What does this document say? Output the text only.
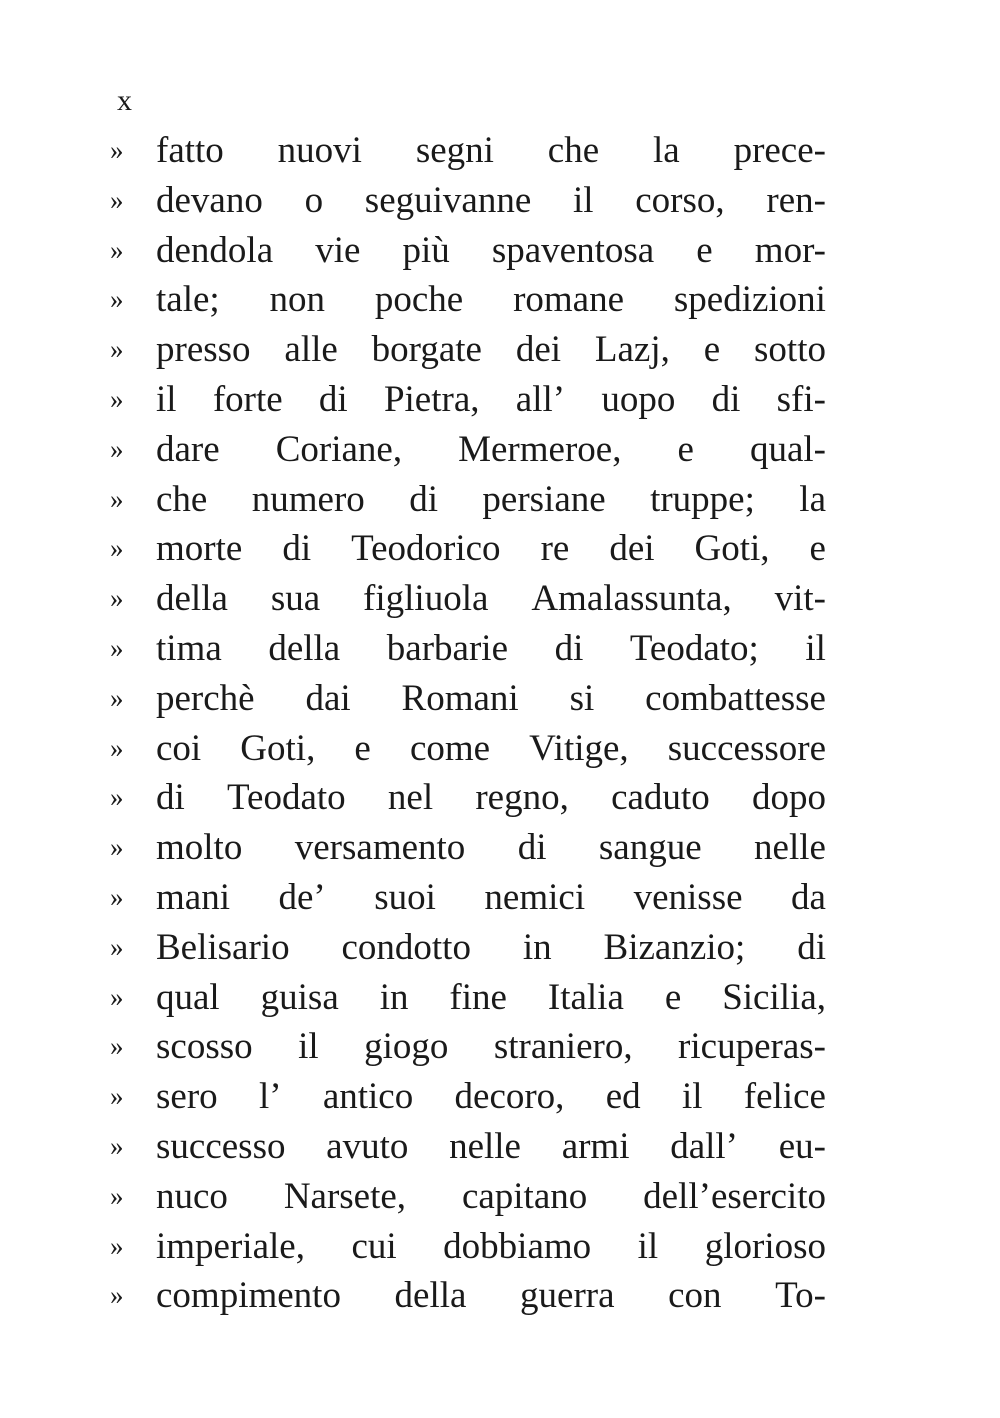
x
» fatto nuovi segni che la prece-
» devano o seguivanne il corso, ren-
» dendola vie più spaventosa e mor-
» tale; non poche romane spedizioni
» presso alle borgate dei Lazj, e sotto
» il forte di Pietra, all’ uopo di sfi-
» dare Coriane, Mermeroe, e qual-
» che numero di persiane truppe; la
» morte di Teodorico re dei Goti, e
» della sua figliuola Amalassunta, vit-
» tima della barbarie di Teodato; il
» perchè dai Romani si combattesse
» coi Goti, e come Vitige, successore
» di Teodato nel regno, caduto dopo
» molto versamento di sangue nelle
» mani de’ suoi nemici venisse da
» Belisario condotto in Bizanzio; di
» qual guisa in fine Italia e Sicilia,
» scosso il giogo straniero, ricuperas-
» sero l’ antico decoro, ed il felice
» successo avuto nelle armi dall’ eu-
» nuco Narsete, capitano dell’esercito
» imperiale, cui dobbiamo il glorioso
» compimento della guerra con To-
